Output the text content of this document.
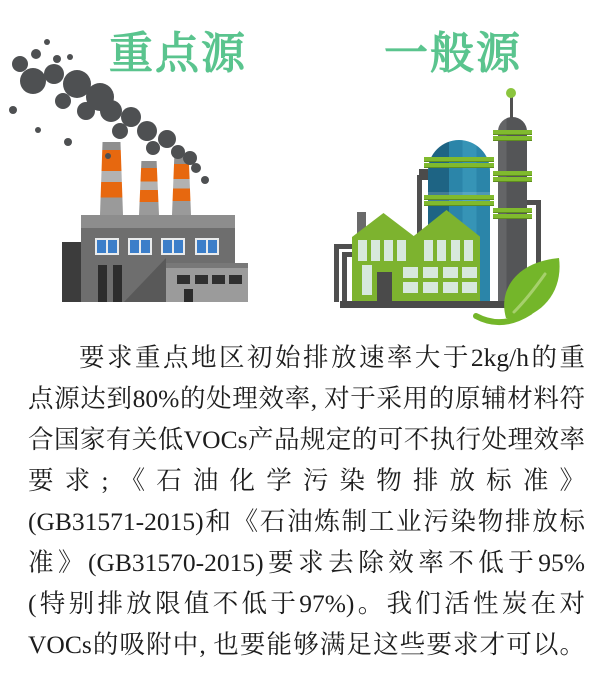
重点源	一般源
要求重点地区初始排放速率大于2kg/h的重
点源达到80%的处理效率, 对于采用的原辅材料符
合国家有关低VOCs产品规定的可不执行处理效率
要求;《石油化学污染物排放标准》
(GB31571-2015)和《石油炼制工业污染物排放标
准》(GB31570-2015)要求去除效率不低于95%
(特别排放限值不低于97%)。我们活性炭在对
VOCs的吸附中, 也要能够满足这些要求才可以。
